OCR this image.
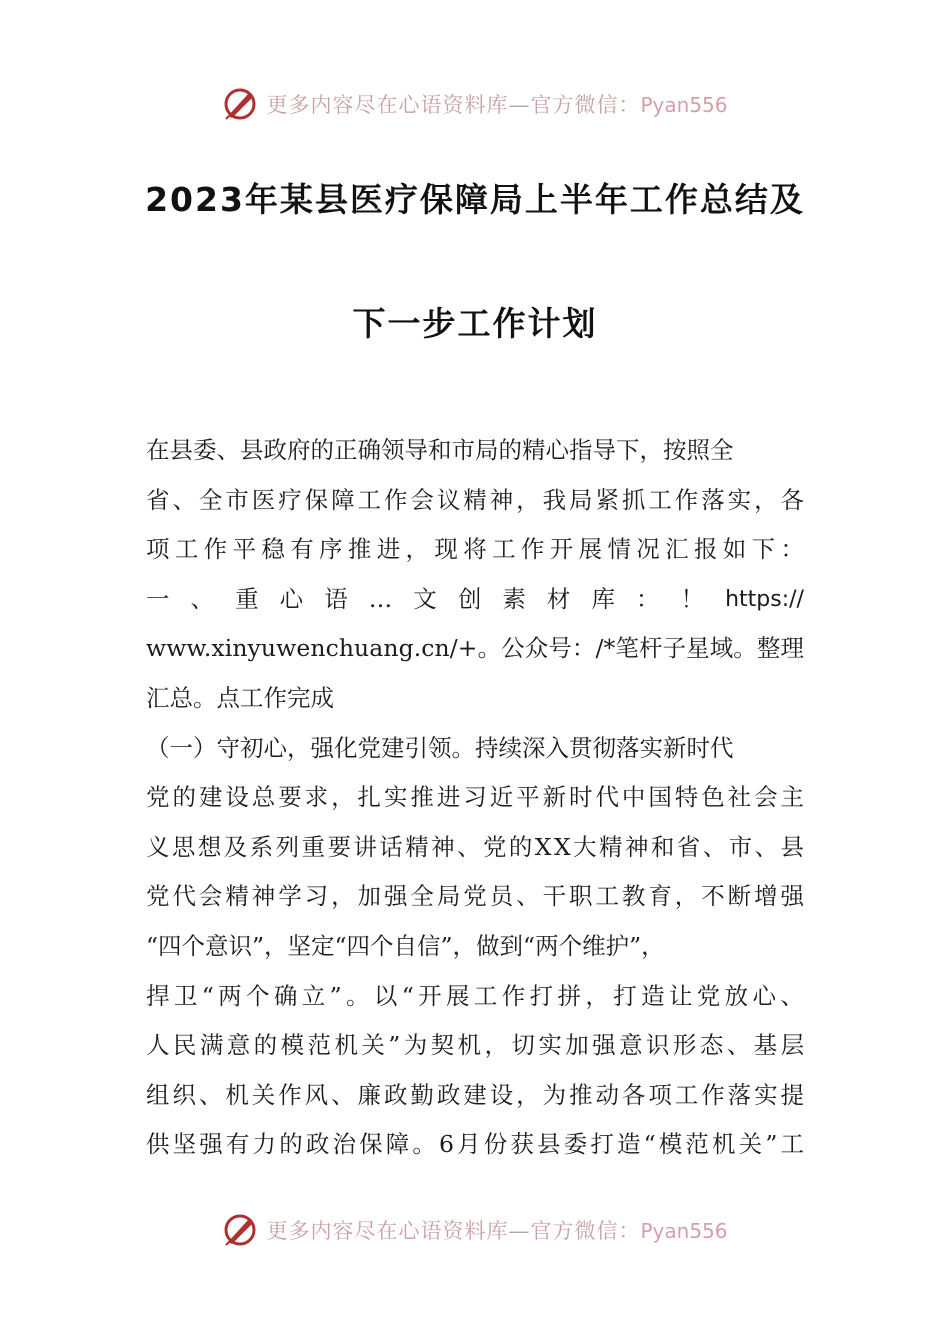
更多内容尽在心语资料库—官方微信：Pyan556
2023年某县医疗保障局上半年工作总结及
下一步工作计划
在县委、县政府的正确领导和市局的精心指导下，按照全
省、全市医疗保障工作会议精神，我局紧抓工作落实，各
项工作平稳有序推进，现将工作开展情况汇报如下：
一 、 重 心 语 … 文 创 素 材 库 ： ！ https://
www.xinyuwenchuang.cn/+。公众号：/*笔杆子星域。整理
汇总。点工作完成
（一）守初心，强化党建引领。持续深入贯彻落实新时代
党的建设总要求，扎实推进习近平新时代中国特色社会主
义思想及系列重要讲话精神、党的XX大精神和省、市、县
党代会精神学习，加强全局党员、干职工教育，不断增强
“四个意识”，坚定“四个自信”，做到“两个维护”，
捍卫“两个确立”。以“开展工作打拼，打造让党放心、
人民满意的模范机关”为契机，切实加强意识形态、基层
组织、机关作风、廉政勤政建设，为推动各项工作落实提
供坚强有力的政治保障。6月份获县委打造“模范机关”工
更多内容尽在心语资料库—官方微信：Pyan556
